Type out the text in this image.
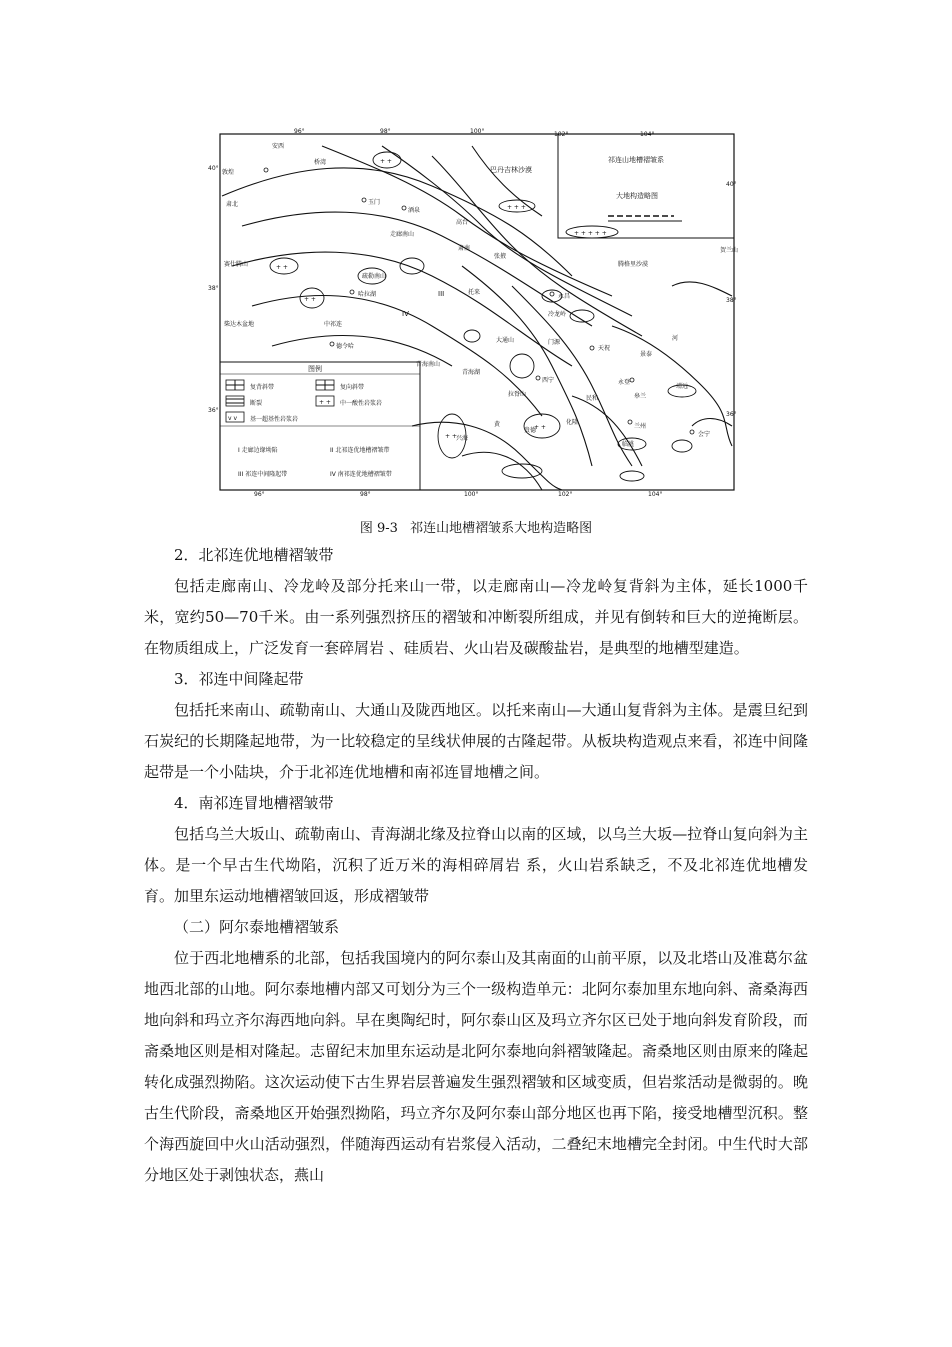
+ +
v v
+ +
+ + +
+ + + + +
+ +
+ +
+ +
+ +
96°	98°	100°	102°	104°
96°	98°	100°	102°	104°
40°
38°
36°
40°
38°
36°
祁连山地槽褶皱系
大地构造略图
安西
桥湾
敦煌
肃北	玉门
酒泉
高台
巴丹吉林沙漠
腾格里沙漠
贺兰山
赛什腾山
哈拉湖
柴达木盆地
德令哈
青海湖
西宁
永昌
门源
天祝
景泰
永登
皋兰
兰州
靖远
民和
化隆
贵德
临洮
会宁
兴海
张掖
黄
疏勒南山
托来
大通山
冷龙岭
走廊南山
中祁连
肃南
青海南山
拉脊山
河
III
IV
图例
复背斜带	复向斜带
断裂	中一酸性岩浆岩
基一超基性岩浆岩
I 走廊边缘坳陷	II 北祁连优地槽褶皱带
III 祁连中间隆起带	IV 南祁连优地槽褶皱带
图 9-3 祁连山地槽褶皱系大地构造略图
2．北祁连优地槽褶皱带

包括走廊南山、冷龙岭及部分托来山一带，以走廊南山—冷龙岭复背斜为主体，延长1000千米，宽约50—70千米。由一系列强烈挤压的褶皱和冲断裂所组成，并见有倒转和巨大的逆掩断层。在物质组成上，广泛发育一套碎屑岩 、硅质岩、火山岩及碳酸盐岩，是典型的地槽型建造。

3．祁连中间隆起带

包括托来南山、疏勒南山、大通山及陇西地区。以托来南山—大通山复背斜为主体。是震旦纪到石炭纪的长期隆起地带，为一比较稳定的呈线状伸展的古隆起带。从板块构造观点来看，祁连中间隆起带是一个小陆块，介于北祁连优地槽和南祁连冒地槽之间。

4．南祁连冒地槽褶皱带

包括乌兰大坂山、疏勒南山、青海湖北缘及拉脊山以南的区域，以乌兰大坂—拉脊山复向斜为主体。是一个早古生代坳陷，沉积了近万米的海相碎屑岩 系，火山岩系缺乏，不及北祁连优地槽发育。加里东运动地槽褶皱回返，形成褶皱带

（二）阿尔泰地槽褶皱系

位于西北地槽系的北部，包括我国境内的阿尔泰山及其南面的山前平原，以及北塔山及准葛尔盆地西北部的山地。阿尔泰地槽内部又可划分为三个一级构造单元：北阿尔泰加里东地向斜、斋桑海西地向斜和玛立齐尔海西地向斜。早在奥陶纪时，阿尔泰山区及玛立齐尔区已处于地向斜发育阶段，而斋桑地区则是相对隆起。志留纪末加里东运动是北阿尔泰地向斜褶皱隆起。斋桑地区则由原来的隆起转化成强烈拗陷。这次运动使下古生界岩层普遍发生强烈褶皱和区域变质，但岩浆活动是微弱的。晚古生代阶段，斋桑地区开始强烈拗陷，玛立齐尔及阿尔泰山部分地区也再下陷，接受地槽型沉积。整个海西旋回中火山活动强烈，伴随海西运动有岩浆侵入活动，二叠纪末地槽完全封闭。中生代时大部分地区处于剥蚀状态，燕山
